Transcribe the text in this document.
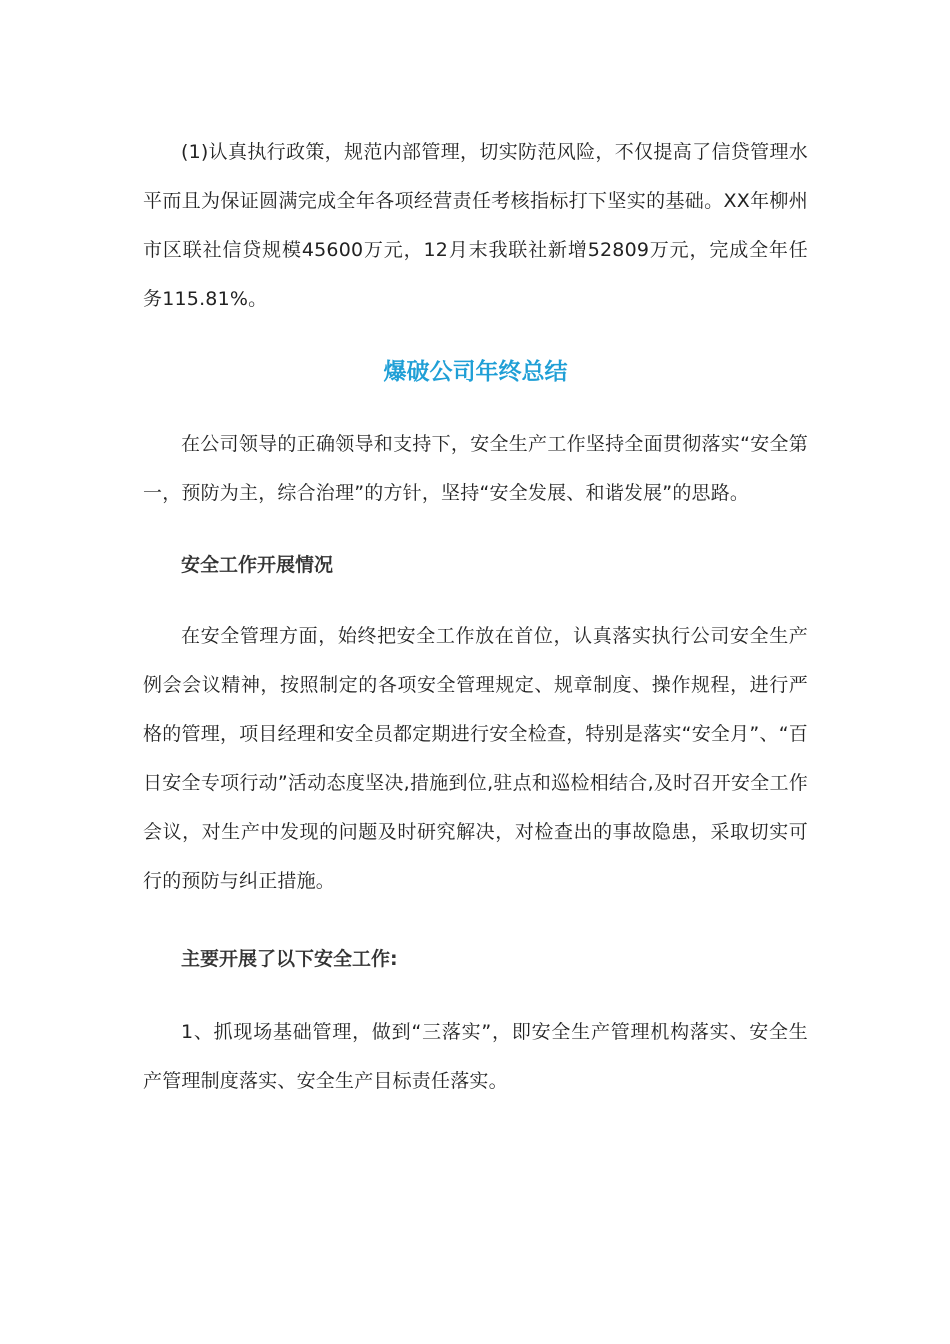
(1)认真执行政策，规范内部管理，切实防范风险，不仅提高了信贷管理水平而且为保证圆满完成全年各项经营责任考核指标打下坚实的基础。XX年柳州市区联社信贷规模45600万元，12月末我联社新增52809万元，完成全年任务115.81%。

爆破公司年终总结

在公司领导的正确领导和支持下，安全生产工作坚持全面贯彻落实“安全第一，预防为主，综合治理”的方针，坚持“安全发展、和谐发展”的思路。

安全工作开展情况

在安全管理方面，始终把安全工作放在首位，认真落实执行公司安全生产例会会议精神，按照制定的各项安全管理规定、规章制度、操作规程，进行严格的管理，项目经理和安全员都定期进行安全检查，特别是落实“安全月”、“百日安全专项行动”活动态度坚决,措施到位,驻点和巡检相结合,及时召开安全工作会议，对生产中发现的问题及时研究解决，对检查出的事故隐患，采取切实可行的预防与纠正措施。

主要开展了以下安全工作:

1、抓现场基础管理，做到“三落实”，即安全生产管理机构落实、安全生产管理制度落实、安全生产目标责任落实。
